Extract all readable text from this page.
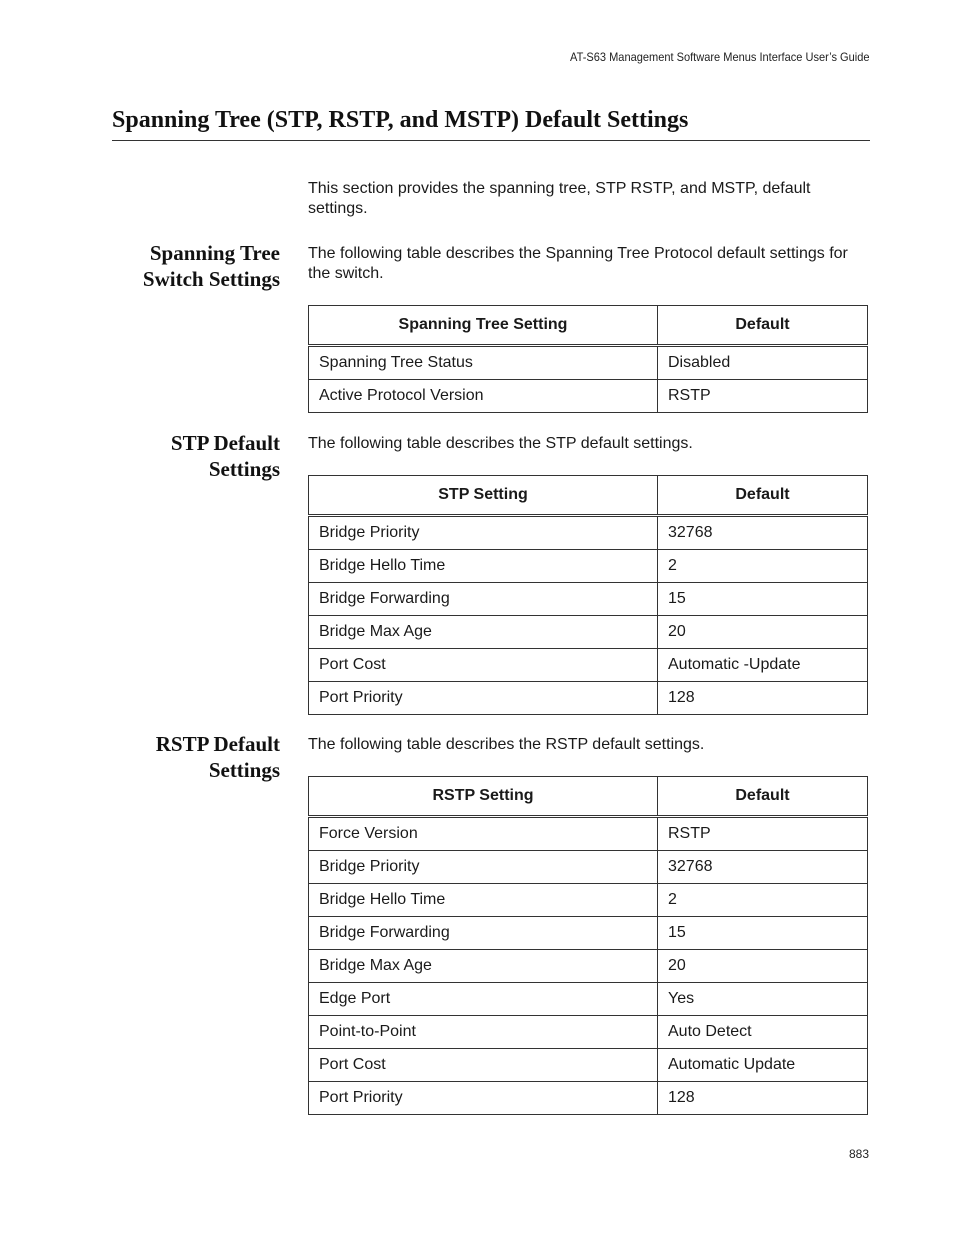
AT-S63 Management Software Menus Interface User’s Guide
Spanning Tree (STP, RSTP, and MSTP) Default Settings

This section provides the spanning tree, STP RSTP, and MSTP, default settings.

Spanning Tree
Switch Settings

The following table describes the Spanning Tree Protocol default settings for the switch.

Spanning Tree Setting	Default
Spanning Tree Status	Disabled
Active Protocol Version	RSTP
STP Default
Settings

The following table describes the STP default settings.

STP Setting	Default
Bridge Priority	32768
Bridge Hello Time	2
Bridge Forwarding	15
Bridge Max Age	20
Port Cost	Automatic -Update
Port Priority	128
RSTP Default
Settings

The following table describes the RSTP default settings.

RSTP Setting	Default
Force Version	RSTP
Bridge Priority	32768
Bridge Hello Time	2
Bridge Forwarding	15
Bridge Max Age	20
Edge Port	Yes
Point-to-Point	Auto Detect
Port Cost	Automatic Update
Port Priority	128
883
